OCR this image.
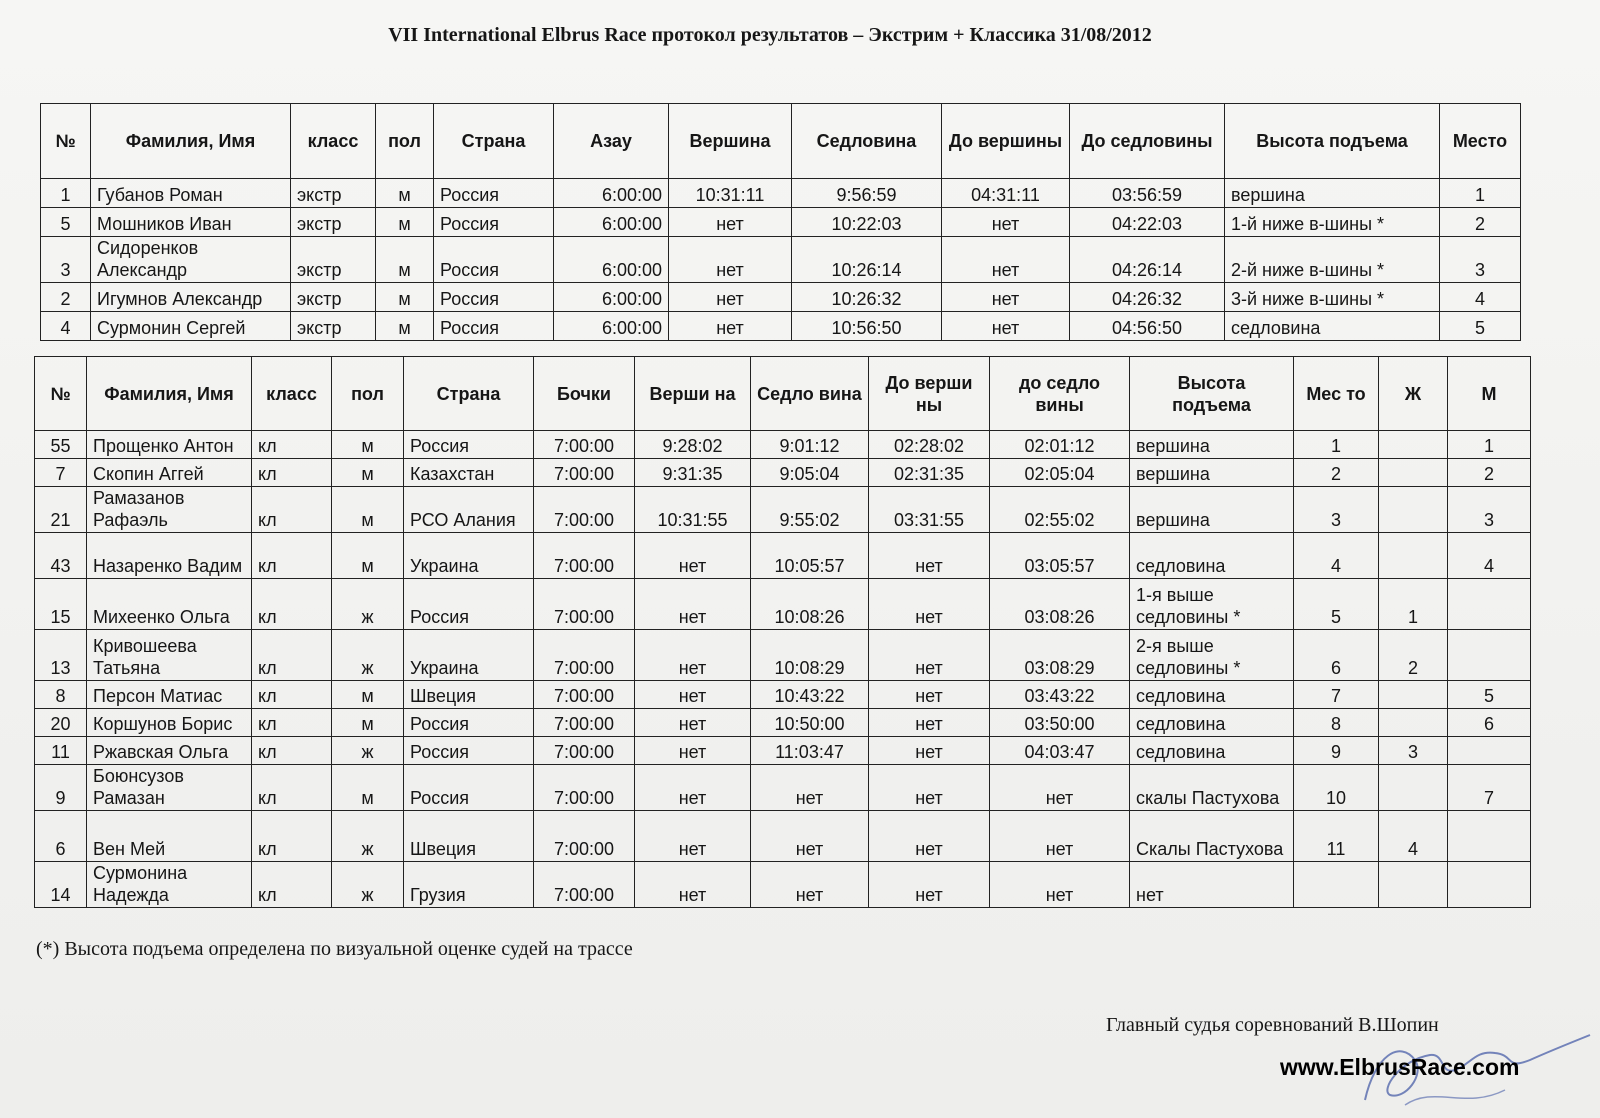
VII International Elbrus Race протокол результатов – Экстрим + Классика 31/08/2012
№	Фамилия, Имя	класс	пол	Страна	Азау	Вершина	Седловина	До вершины	До седловины	Высота подъема	Место
1	Губанов Роман	экстр	м	Россия	6:00:00	10:31:11	9:56:59	04:31:11	03:56:59	вершина	1
5	Мошников Иван	экстр	м	Россия	6:00:00	нет	10:22:03	нет	04:22:03	1-й ниже в-шины *	2
3	Сидоренков Александр	экстр	м	Россия	6:00:00	нет	10:26:14	нет	04:26:14	2-й ниже в-шины *	3
2	Игумнов Александр	экстр	м	Россия	6:00:00	нет	10:26:32	нет	04:26:32	3-й ниже в-шины *	4
4	Сурмонин Сергей	экстр	м	Россия	6:00:00	нет	10:56:50	нет	04:56:50	седловина	5
№	Фамилия, Имя	класс	пол	Страна	Бочки	Верши на	Седло вина	До верши ны	до седло вины	Высота подъема	Мес то	Ж	М
55	Прощенко Антон	кл	м	Россия	7:00:00	9:28:02	9:01:12	02:28:02	02:01:12	вершина	1		1
7	Скопин Аггей	кл	м	Казахстан	7:00:00	9:31:35	9:05:04	02:31:35	02:05:04	вершина	2		2
21	Рамазанов Рафаэль	кл	м	РСО Алания	7:00:00	10:31:55	9:55:02	03:31:55	02:55:02	вершина	3		3
43	Назаренко Вадим	кл	м	Украина	7:00:00	нет	10:05:57	нет	03:05:57	седловина	4		4
15	Михеенко Ольга	кл	ж	Россия	7:00:00	нет	10:08:26	нет	03:08:26	1-я выше седловины *	5	1	
13	Кривошеева Татьяна	кл	ж	Украина	7:00:00	нет	10:08:29	нет	03:08:29	2-я выше седловины *	6	2	
8	Персон Матиас	кл	м	Швеция	7:00:00	нет	10:43:22	нет	03:43:22	седловина	7		5
20	Коршунов Борис	кл	м	Россия	7:00:00	нет	10:50:00	нет	03:50:00	седловина	8		6
11	Ржавская Ольга	кл	ж	Россия	7:00:00	нет	11:03:47	нет	04:03:47	седловина	9	3	
9	Боюнсузов Рамазан	кл	м	Россия	7:00:00	нет	нет	нет	нет	скалы Пастухова	10		7
6	Вен Мей	кл	ж	Швеция	7:00:00	нет	нет	нет	нет	Скалы Пастухова	11	4	
14	Сурмонина Надежда	кл	ж	Грузия	7:00:00	нет	нет	нет	нет	нет			
(*) Высота подъема определена по визуальной оценке судей на трассе
Главный судья соревнований В.Шопин
www.ElbrusRace.com
